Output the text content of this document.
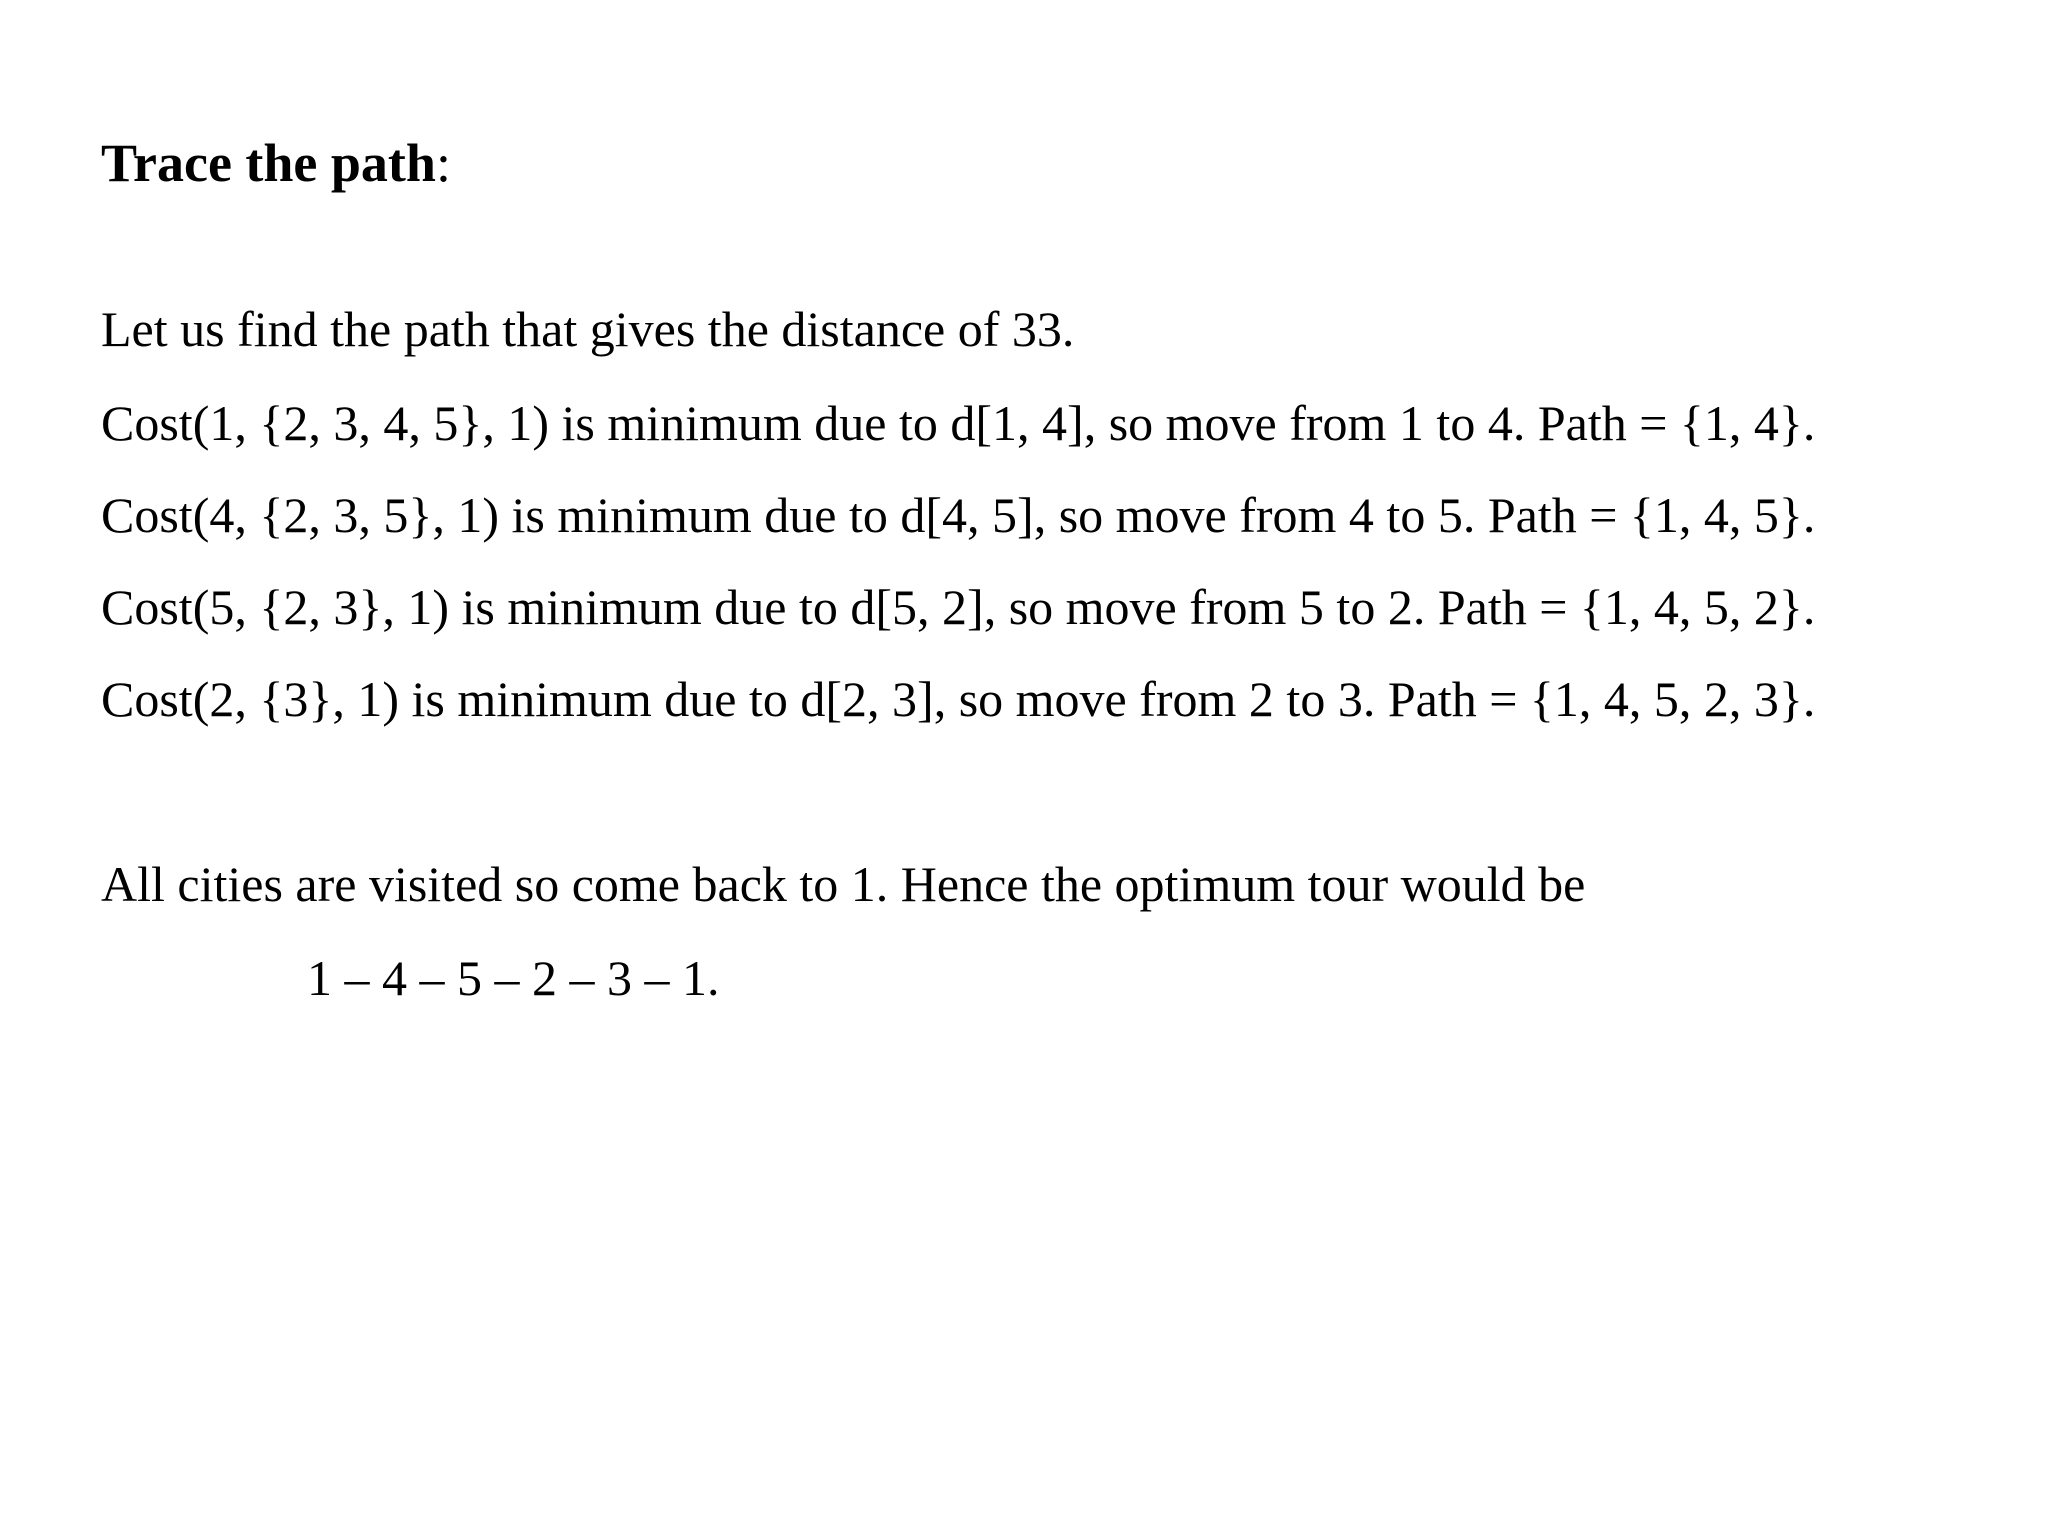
Trace the path:
Let us find the path that gives the distance of 33.
Cost(1, {2, 3, 4, 5}, 1) is minimum due to d[1, 4], so move from 1 to 4. Path = {1, 4}.
Cost(4, {2, 3, 5}, 1) is minimum due to d[4, 5], so move from 4 to 5. Path = {1, 4, 5}.
Cost(5, {2, 3}, 1) is minimum due to d[5, 2], so move from 5 to 2. Path = {1, 4, 5, 2}.
Cost(2, {3}, 1) is minimum due to d[2, 3], so move from 2 to 3. Path = {1, 4, 5, 2, 3}.
All cities are visited so come back to 1. Hence the optimum tour would be
1 – 4 – 5 – 2 – 3 – 1.
